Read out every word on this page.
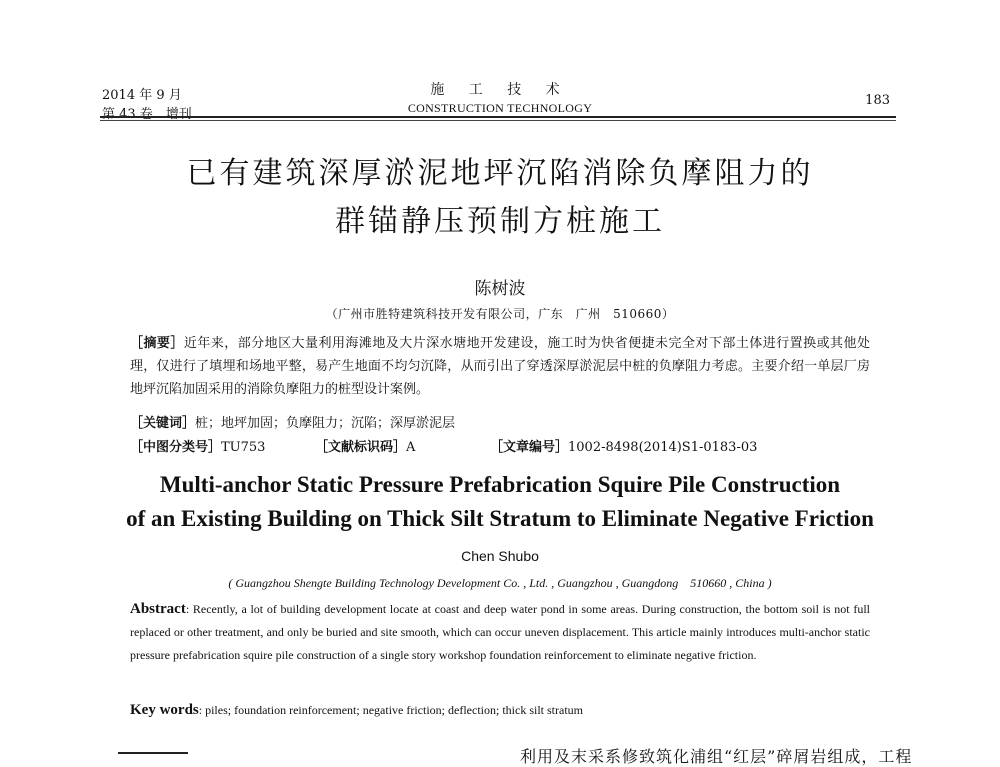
2014 年 9 月
第 43 卷　增刊
施 工 技 术
CONSTRUCTION TECHNOLOGY	183
已有建筑深厚淤泥地坪沉陷消除负摩阻力的
群锚静压预制方桩施工
陈树波
（广州市胜特建筑科技开发有限公司，广东　广州　510660）
［摘要］近年来，部分地区大量利用海滩地及大片深水塘地开发建设，施工时为快省便捷未完全对下部土体进行置换或其他处理，仅进行了填埋和场地平整，易产生地面不均匀沉降，从而引出了穿透深厚淤泥层中桩的负摩阻力考虑。主要介绍一单层厂房地坪沉陷加固采用的消除负摩阻力的桩型设计案例。
［关键词］桩；地坪加固；负摩阻力；沉陷；深厚淤泥层
［中图分类号］TU753	［文献标识码］A	［文章编号］1002-8498(2014)S1-0183-03
Multi-anchor Static Pressure Prefabrication Squire Pile Construction
of an Existing Building on Thick Silt Stratum to Eliminate Negative Friction
Chen Shubo
( Guangzhou Shengte Building Technology Development Co. , Ltd. , Guangzhou , Guangdong　510660 , China )
Abstract: Recently, a lot of building development locate at coast and deep water pond in some areas. During construction, the bottom soil is not full replaced or other treatment, and only be buried and site smooth, which can occur uneven displacement. This article mainly introduces multi-anchor static pressure prefabrication squire pile construction of a single story workshop foundation reinforcement to eliminate negative friction.
Key words: piles; foundation reinforcement; negative friction; deflection; thick silt stratum
利用及末采系修致筑化浦组“红层”碎屑岩组成，工程
